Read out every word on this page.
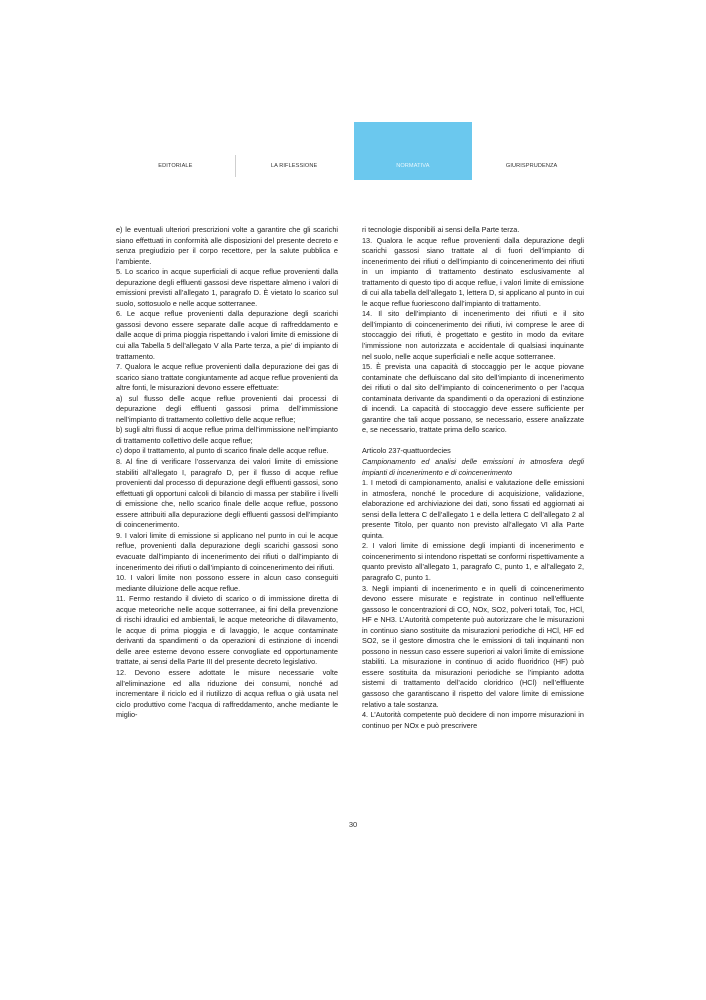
EDITORIALE	LA RIFLESSIONE	NORMATIVA	GIURISPRUDENZA

e) le eventuali ulteriori prescrizioni volte a garantire che gli scarichi siano effettuati in conformità alle disposizioni del presente decreto e senza pregiudizio per il corpo recettore, per la salute pubblica e l’ambiente.

5. Lo scarico in acque superficiali di acque reflue provenienti dalla depurazione degli effluenti gassosi deve rispettare almeno i valori di emissioni previsti all’allegato 1, paragrafo D. È vietato lo scarico sul suolo, sottosuolo e nelle acque sotterranee.

6. Le acque reflue provenienti dalla depurazione degli scarichi gassosi devono essere separate dalle acque di raffreddamento e dalle acque di prima pioggia rispettando i valori limite di emissione di cui alla Tabella 5 dell’allegato V alla Parte terza, a pie’ di impianto di trattamento.

7. Qualora le acque reflue provenienti dalla depurazione dei gas di scarico siano trattate congiuntamente ad acque reflue provenienti da altre fonti, le misurazioni devono essere effettuate:

a) sul flusso delle acque reflue provenienti dai processi di depurazione degli effluenti gassosi prima dell’immissione nell’impianto di trattamento collettivo delle acque reflue;

b) sugli altri flussi di acque reflue prima dell’immissione nell’impianto di trattamento collettivo delle acque reflue;

c) dopo il trattamento, al punto di scarico finale delle acque reflue.

8. Al fine di verificare l’osservanza dei valori limite di emissione stabiliti all’allegato I, paragrafo D, per il flusso di acque reflue provenienti dal processo di depurazione degli effluenti gassosi, sono effettuati gli opportuni calcoli di bilancio di massa per stabilire i livelli di emissione che, nello scarico finale delle acque reflue, possono essere attribuiti alla depurazione degli effluenti gassosi dell’impianto di coincenerimento.

9. I valori limite di emissione si applicano nel punto in cui le acque reflue, provenienti dalla depurazione degli scarichi gassosi sono evacuate dall’impianto di incenerimento dei rifiuti o dall’impianto di incenerimento dei rifiuti o dall’impianto di coincenerimento dei rifiuti.

10. I valori limite non possono essere in alcun caso conseguiti mediante diluizione delle acque reflue.

11. Fermo restando il divieto di scarico o di immissione diretta di acque meteoriche nelle acque sotterranee, ai fini della prevenzione di rischi idraulici ed ambientali, le acque meteoriche di dilavamento, le acque di prima pioggia e di lavaggio, le acque contaminate derivanti da spandimenti o da operazioni di estinzione di incendi delle aree esterne devono essere convogliate ed opportunamente trattate, ai sensi della Parte III del presente decreto legislativo.

12. Devono essere adottate le misure necessarie volte all’eliminazione ed alla riduzione dei consumi, nonché ad incrementare il riciclo ed il riutilizzo di acqua reflua o già usata nel ciclo produttivo come l’acqua di raffreddamento, anche mediante le miglio-

ri tecnologie disponibili ai sensi della Parte terza.

13. Qualora le acque reflue provenienti dalla depurazione degli scarichi gassosi siano trattate al di fuori dell’impianto di incenerimento dei rifiuti o dell’impianto di coincenerimento dei rifiuti in un impianto di trattamento destinato esclusivamente al trattamento di questo tipo di acque reflue, i valori limite di emissione di cui alla tabella dell’allegato 1, lettera D, si applicano al punto in cui le acque reflue fuoriescono dall’impianto di trattamento.

14. Il sito dell’impianto di incenerimento dei rifiuti e il sito dell’impianto di coincenerimento dei rifiuti, ivi comprese le aree di stoccaggio dei rifiuti, è progettato e gestito in modo da evitare l’immissione non autorizzata e accidentale di qualsiasi inquinante nel suolo, nelle acque superficiali e nelle acque sotterranee.

15. È prevista una capacità di stoccaggio per le acque piovane contaminate che defluiscano dal sito dell’impianto di incenerimento dei rifiuti o dal sito dell’impianto di coincenerimento o per l’acqua contaminata derivante da spandimenti o da operazioni di estinzione di incendi. La capacità di stoccaggio deve essere sufficiente per garantire che tali acque possano, se necessario, essere analizzate e, se necessario, trattate prima dello scarico.

Articolo 237-quattuordecies

Campionamento ed analisi delle emissioni in atmosfera degli impianti di incenerimento e di coincenerimento

1. I metodi di campionamento, analisi e valutazione delle emissioni in atmosfera, nonché le procedure di acquisizione, validazione, elaborazione ed archiviazione dei dati, sono fissati ed aggiornati ai sensi della lettera C dell’allegato 1 e della lettera C dell’allegato 2 al presente Titolo, per quanto non previsto all’allegato VI alla Parte quinta.

2. I valori limite di emissione degli impianti di incenerimento e coincenerimento si intendono rispettati se conformi rispettivamente a quanto previsto all’allegato 1, paragrafo C, punto 1, e all’allegato 2, paragrafo C, punto 1.

3. Negli impianti di incenerimento e in quelli di coincenerimento devono essere misurate e registrate in continuo nell’effluente gassoso le concentrazioni di CO, NOx, SO2, polveri totali, Toc, HCl, HF e NH3. L’Autorità competente può autorizzare che le misurazioni in continuo siano sostituite da misurazioni periodiche di HCl, HF ed SO2, se il gestore dimostra che le emissioni di tali inquinanti non possono in nessun caso essere superiori ai valori limite di emissione stabiliti. La misurazione in continuo di acido fluoridrico (HF) può essere sostituita da misurazioni periodiche se l’impianto adotta sistemi di trattamento dell’acido cloridrico (HCl) nell’effluente gassoso che garantiscano il rispetto del valore limite di emissione relativo a tale sostanza.

4. L’Autorità competente può decidere di non imporre misurazioni in continuo per NOx e può prescrivere

30
